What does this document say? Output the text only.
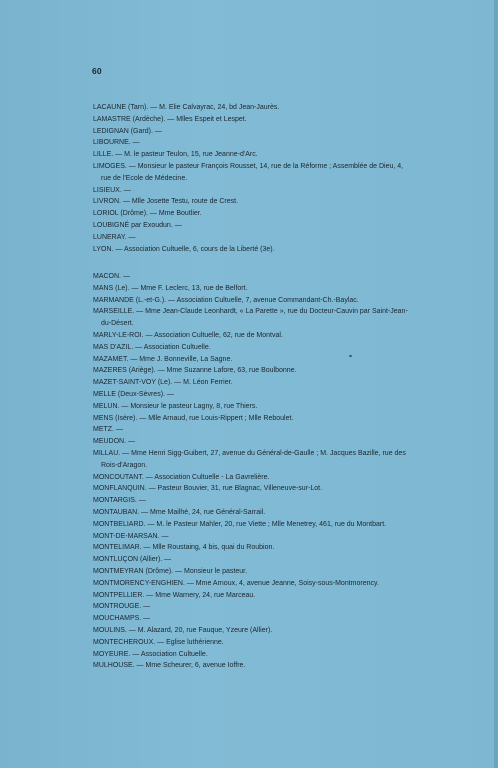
60
LACAUNE (Tarn). — M. Elie Calvayrac, 24, bd Jean-Jaurès.
LAMASTRE (Ardèche). — Mlles Espeit et Lespet.
LEDIGNAN (Gard). —
LIBOURNE. —
LILLE. — M. le pasteur Teulon, 15, rue Jeanne-d'Arc.
LIMOGES. — Monsieur le pasteur François Rousset, 14, rue de la Réforme ; Assemblée de Dieu, 4, rue de l'Ecole de Médecine.
LISIEUX. —
LIVRON. — Mlle Josette Testu, route de Crest.
LORIOL (Drôme). — Mme Boutlier.
LOUBIGNÉ par Exoudun. —
LUNERAY. —
LYON. — Association Cultuelle, 6, cours de la Liberté (3e).
MACON. —
MANS (Le). — Mme F. Leclerc, 13, rue de Belfort.
MARMANDE (L.-et-G.). — Association Cultuelle, 7, avenue Commandant-Ch.-Baylac.
MARSEILLE. — Mme Jean-Claude Leonhardt, « La Parette », rue du Docteur-Cauvin par Saint-Jean-du-Désert.
MARLY-LE-ROI. — Association Cultuelle, 62, rue de Montval.
MAS D'AZIL. — Association Cultuelle.
MAZAMET. — Mme J. Bonneville, La Sagne.
MAZERES (Ariège). — Mme Suzanne Lafore, 63, rue Boulbonne.
MAZET-SAINT-VOY (Le). — M. Léon Ferrier.
MELLE (Deux-Sèvres). —
MELUN. — Monsieur le pasteur Lagny, 8, rue Thiers.
MENS (Isère). — Mlle Arnaud, rue Louis-Rippert ; Mlle Reboulet.
METZ. —
MEUDON. —
MILLAU. — Mme Henri Sigg-Guibert, 27, avenue du Général-de-Gaulle ; M. Jacques Bazille, rue des Rois-d'Aragon.
MONCOUTANT. — Association Cultuelle - La Gavrelière.
MONFLANQUIN. — Pasteur Bouvier, 31, rue Blagnac, Villeneuve-sur-Lot.
MONTARGIS. —
MONTAUBAN. — Mme Mailhé, 24, rue Général-Sarrail.
MONTBELIARD. — M. le Pasteur Mahler, 20, rue Viette ; Mlle Menetrey, 461, rue du Montbart.
MONT-DE-MARSAN. —
MONTELIMAR. — Mlle Roustaing, 4 bis, quai du Roubion.
MONTLUÇON (Allier). —
MONTMEYRAN (Drôme). — Monsieur le pasteur.
MONTMORENCY-ENGHIEN. — Mme Arnoux, 4, avenue Jeanne, Soisy-sous-Montmorency.
MONTPELLIER. — Mme Warnery, 24, rue Marceau.
MONTROUGE. —
MOUCHAMPS. —
MOULINS. — M. Alazard, 20, rue Fauque, Yzeure (Allier).
MONTECHEROUX. — Eglise luthérienne.
MOYEURE. — Association Cultuelle.
MULHOUSE. — Mme Scheurer, 6, avenue Ioffre.
